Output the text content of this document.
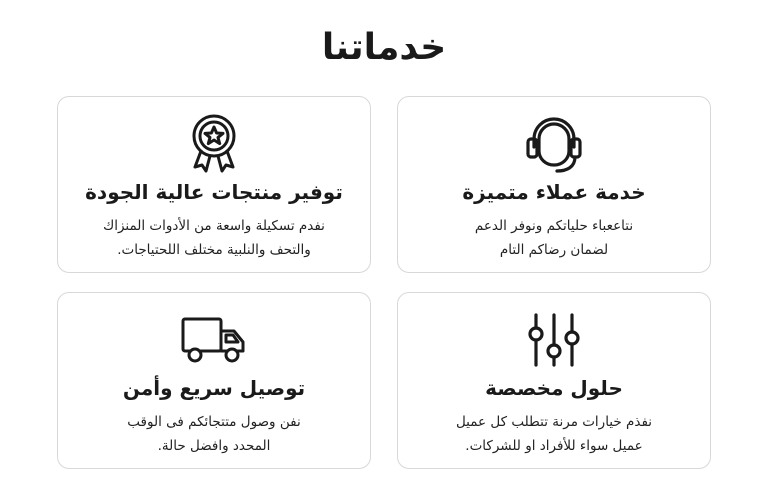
خدماتنا
خدمة عملاء متميزة
نتاععباء حلياتكم ونوفر الدعم
لضمان رضاكم التام
توفير منتجات عالية الجودة
نفدم تسكيلة واسعة من الأدوات المنزاك
والتحف والنلبية مختلف اللحتياجات.
حلول مخصصة
نفذم خيارات مرنة تتطلب كل عميل
عميل سواء للأفراد او للشركات.
توصيل سريع وأمن
نفن وصول متتجائكم فى الوقب
المحدد وافضل حالة.
